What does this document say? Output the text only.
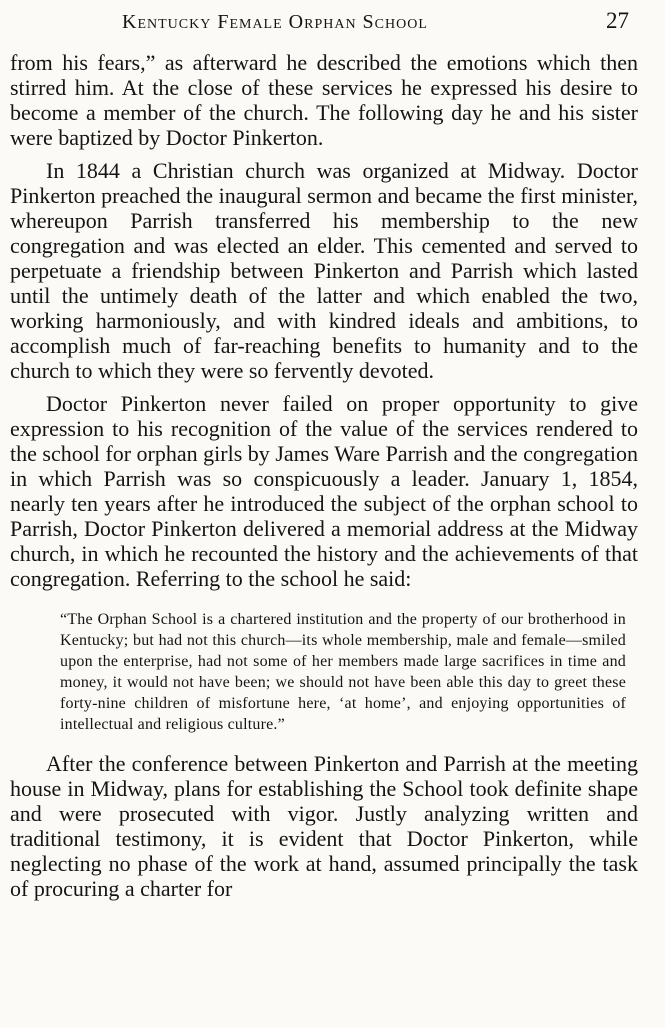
Kentucky Female Orphan School	27

from his fears,” as afterward he described the emotions which then stirred him. At the close of these services he expressed his desire to become a member of the church. The following day he and his sister were baptized by Doctor Pinkerton.

In 1844 a Christian church was organized at Midway. Doctor Pinkerton preached the inaugural sermon and became the first minister, whereupon Parrish transferred his membership to the new congregation and was elected an elder. This cemented and served to perpetuate a friendship between Pinkerton and Parrish which lasted until the untimely death of the latter and which enabled the two, working harmoniously, and with kindred ideals and ambitions, to accomplish much of far-reaching benefits to humanity and to the church to which they were so fervently devoted.

Doctor Pinkerton never failed on proper opportunity to give expression to his recognition of the value of the services rendered to the school for orphan girls by James Ware Parrish and the congregation in which Parrish was so conspicuously a leader. January 1, 1854, nearly ten years after he introduced the subject of the orphan school to Parrish, Doctor Pinkerton delivered a memorial address at the Midway church, in which he recounted the history and the achievements of that congregation. Referring to the school he said:

“The Orphan School is a chartered institution and the property of our brotherhood in Kentucky; but had not this church—its whole membership, male and female—smiled upon the enterprise, had not some of her members made large sacrifices in time and money, it would not have been; we should not have been able this day to greet these forty-nine children of misfortune here, ‘at home’, and enjoying opportunities of intellectual and religious culture.”

After the conference between Pinkerton and Parrish at the meeting house in Midway, plans for establishing the School took definite shape and were prosecuted with vigor. Justly analyzing written and traditional testimony, it is evident that Doctor Pinkerton, while neglecting no phase of the work at hand, assumed principally the task of procuring a charter for
